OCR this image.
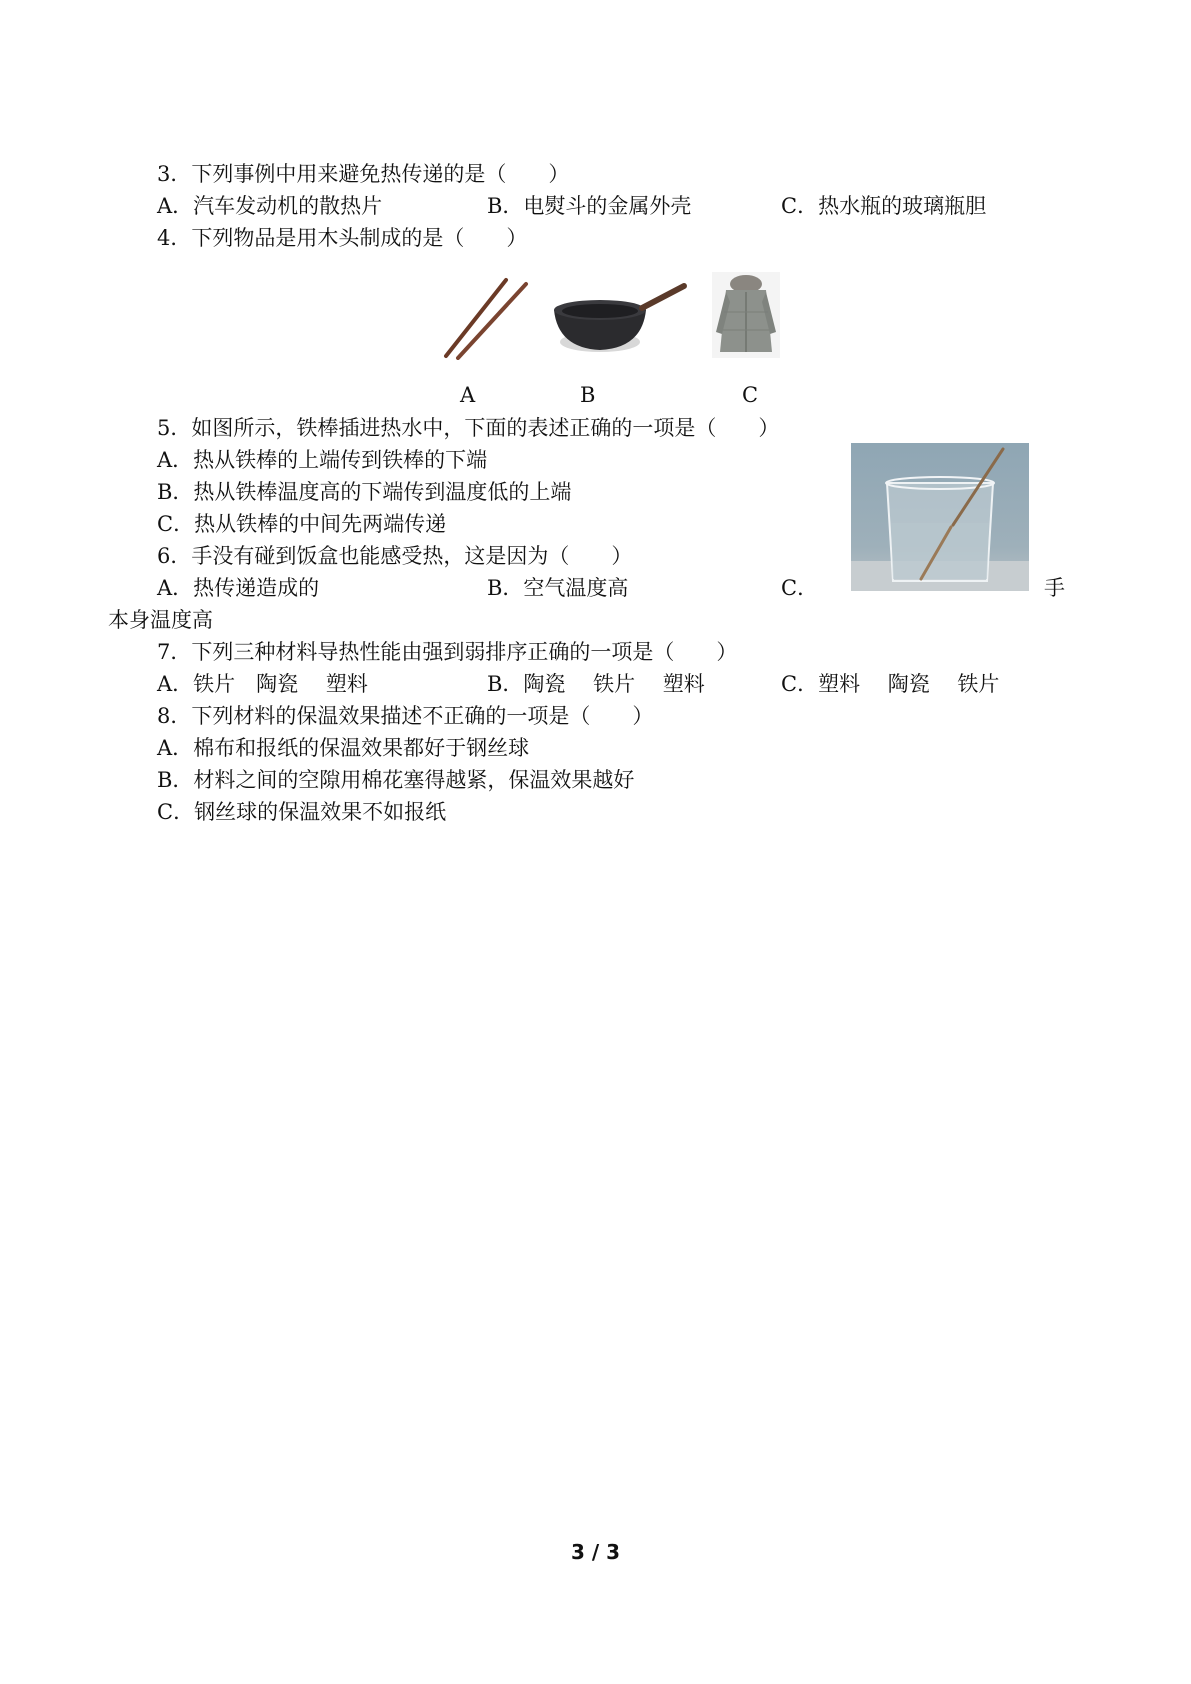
3．下列事例中用来避免热传递的是（　　）
A．汽车发动机的散热片	B．电熨斗的金属外壳	C．热水瓶的玻璃瓶胆
4．下列物品是用木头制成的是（　　）
A	B	C
5．如图所示，铁棒插进热水中，下面的表述正确的一项是（　　）
A．热从铁棒的上端传到铁棒的下端
B．热从铁棒温度高的下端传到温度低的上端
C．热从铁棒的中间先两端传递
6．手没有碰到饭盒也能感受热，这是因为（　　）
A．热传递造成的	B．空气温度高	C．	手
本身温度高
7．下列三种材料导热性能由强到弱排序正确的一项是（　　）
A．铁片　陶瓷　 塑料	B．陶瓷　 铁片　 塑料	C．塑料　 陶瓷　 铁片
8．下列材料的保温效果描述不正确的一项是（　　）
A．棉布和报纸的保温效果都好于钢丝球
B．材料之间的空隙用棉花塞得越紧，保温效果越好
C．钢丝球的保温效果不如报纸
3 / 3
